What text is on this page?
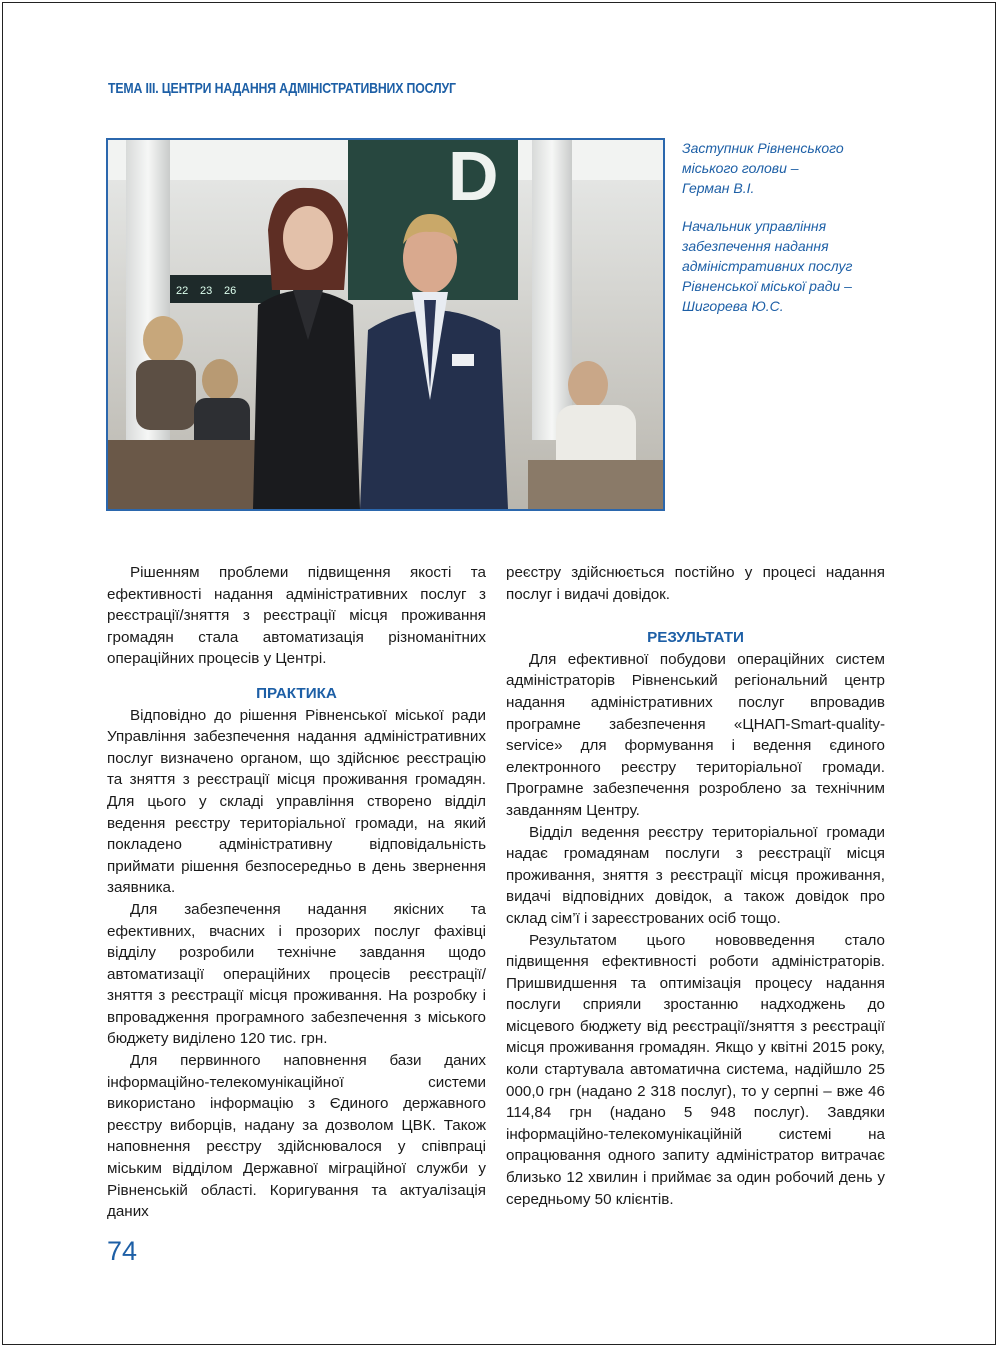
ТЕМА ІІІ. ЦЕНТРИ НАДАННЯ АДМІНІСТРАТИВНИХ ПОСЛУГ
D
22 23 26

Заступник Рівненського
міського голови –
Герман В.І.

Начальник управління
забезпечення надання
адміністративних послуг
Рівненської міської ради –
Шигорева Ю.С.

Рішенням проблеми підвищення якості та ефективності надання адміністративних послуг з реєстрації/зняття з реєстрації місця проживання громадян стала автоматизація різноманітних операційних процесів у Центрі.

ПРАКТИКА

Відповідно до рішення Рівненської міської ради Управління забезпечення надання адміністративних послуг визначено органом, що здійснює реєстрацію та зняття з реєстрації місця проживання громадян. Для цього у складі управління створено відділ ведення реєстру територіальної громади, на який покладено адміністративну відповідальність приймати рішення безпосередньо в день звернення заявника.

Для забезпечення надання якісних та ефективних, вчасних і прозорих послуг фахівці відділу розробили технічне завдання щодо автоматизації операційних процесів реєстрації/зняття з реєстрації місця проживання. На розробку і впровадження програмного забезпечення з міського бюджету виділено 120 тис. грн.

Для первинного наповнення бази даних інформаційно-телекомунікаційної системи використано інформацію з Єдиного державного реєстру виборців, надану за дозволом ЦВК. Також наповнення реєстру здійснювалося у співпраці міським відділом Державної міграційної служби у Рівненській області. Коригування та актуалізація даних

реєстру здійснюється постійно у процесі надання послуг і видачі довідок.

РЕЗУЛЬТАТИ

Для ефективної побудови операційних систем адміністраторів Рівненський регіональний центр надання адміністративних послуг впровадив програмне забезпечення «ЦНАП-Smart-quality-service» для формування і ведення єдиного електронного реєстру територіальної громади. Програмне забезпечення розроблено за технічним завданням Центру.

Відділ ведення реєстру територіальної громади надає громадянам послуги з реєстрації місця проживання, зняття з реєстрації місця проживання, видачі відповідних довідок, а також довідок про склад сім’ї і зареєстрованих осіб тощо.

Результатом цього нововведення стало підвищення ефективності роботи адміністраторів. Пришвидшення та оптимізація процесу надання послуги сприяли зростанню надходжень до місцевого бюджету від реєстрації/зняття з реєстрації місця проживання громадян. Якщо у квітні 2015 року, коли стартувала автоматична система, надійшло 25 000,0 грн (надано 2 318 послуг), то у серпні – вже 46 114,84 грн (надано 5 948 послуг). Завдяки інформаційно-телекомунікаційній системі на опрацювання одного запиту адміністратор витрачає близько 12 хвилин і приймає за один робочий день у середньому 50 клієнтів.

74
